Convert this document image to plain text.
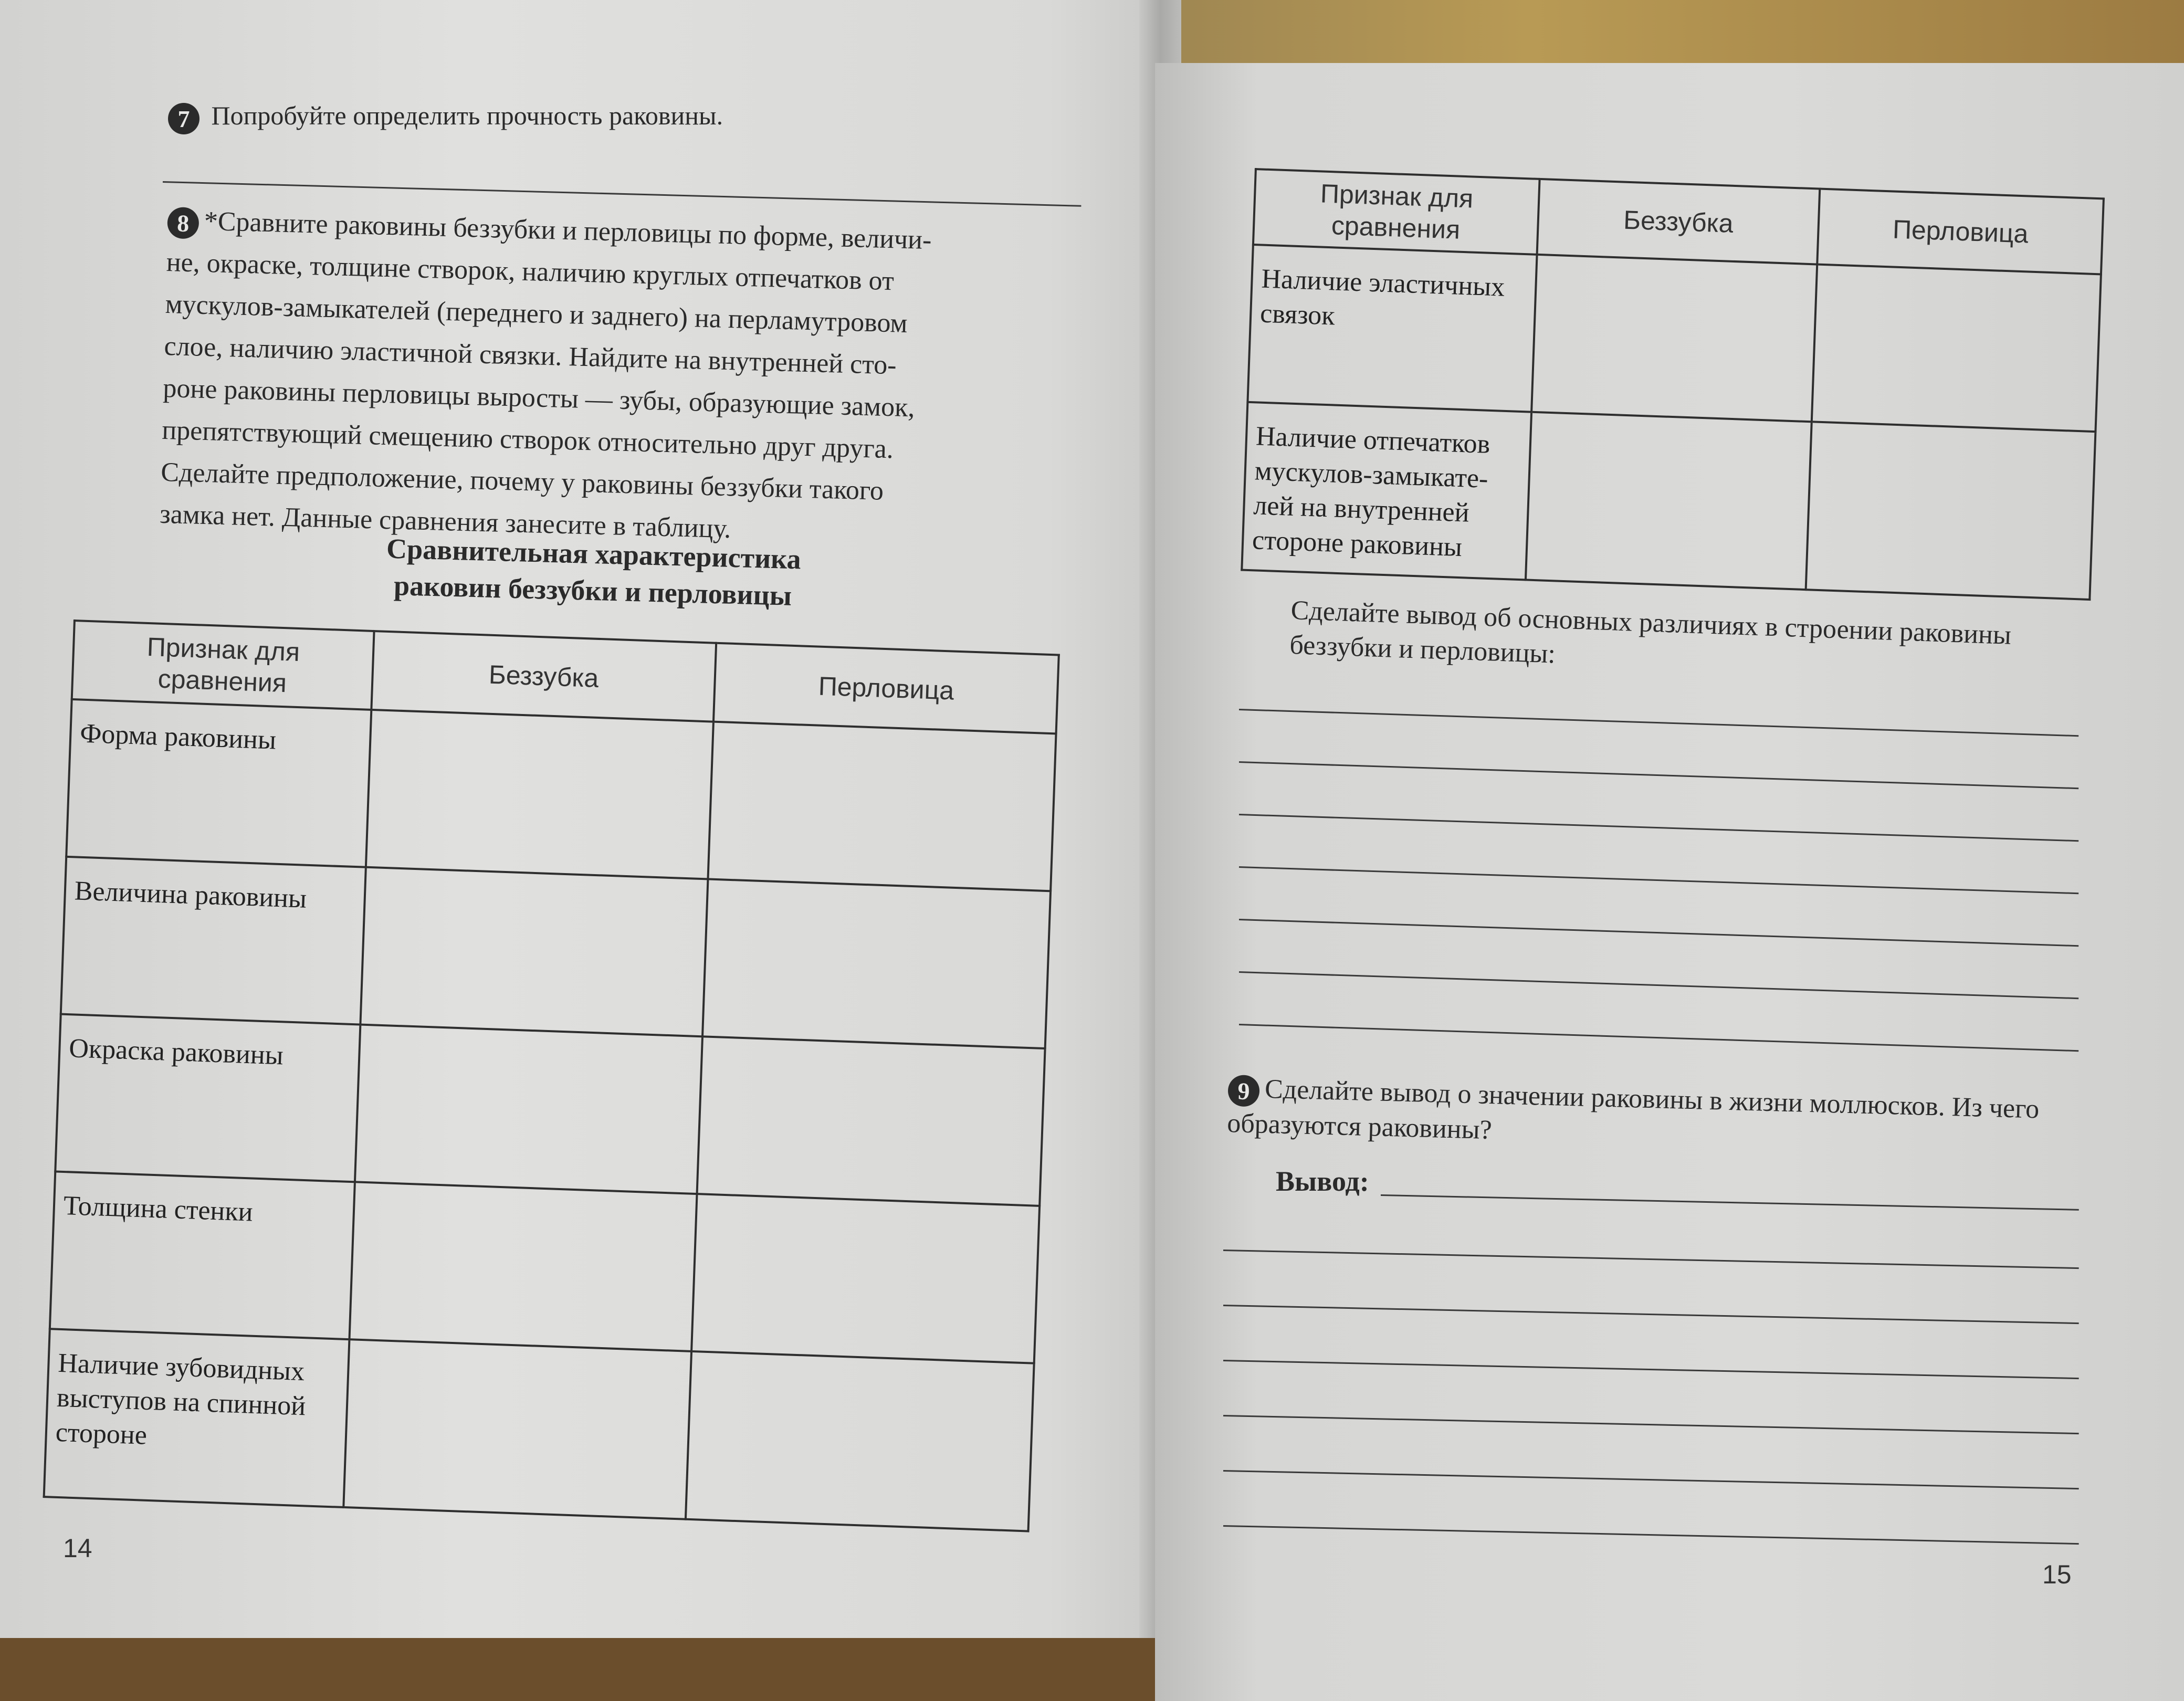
7 Попробуйте определить прочность раковины.
8 *Сравните раковины беззубки и перловицы по форме, величи-
не, окраске, толщине створок, наличию круглых отпечатков от
мускулов-замыкателей (переднего и заднего) на перламутровом
слое, наличию эластичной связки. Найдите на внутренней сто-
роне раковины перловицы выросты — зубы, образующие замок,
препятствующий смещению створок относительно друг друга.
Сделайте предположение, почему у раковины беззубки такого
замка нет. Данные сравнения занесите в таблицу.
Сравнительная характеристика
раковин беззубки и перловицы
Признак для сравнения	Беззубка	Перловица
Форма раковины		
Величина раковины		
Окраска раковины		
Толщина стенки		
Наличие зубовидных выступов на спинной стороне		
14
Признак для сравнения	Беззубка	Перловица
Наличие эластичных связок		
Наличие отпечатков мускулов-замыкате- лей на внутренней стороне раковины		
Сделайте вывод об основных различиях в строении раковины беззубки и перловицы:
9 Сделайте вывод о значении раковины в жизни моллюсков. Из чего образуются раковины?
Вывод:
15
